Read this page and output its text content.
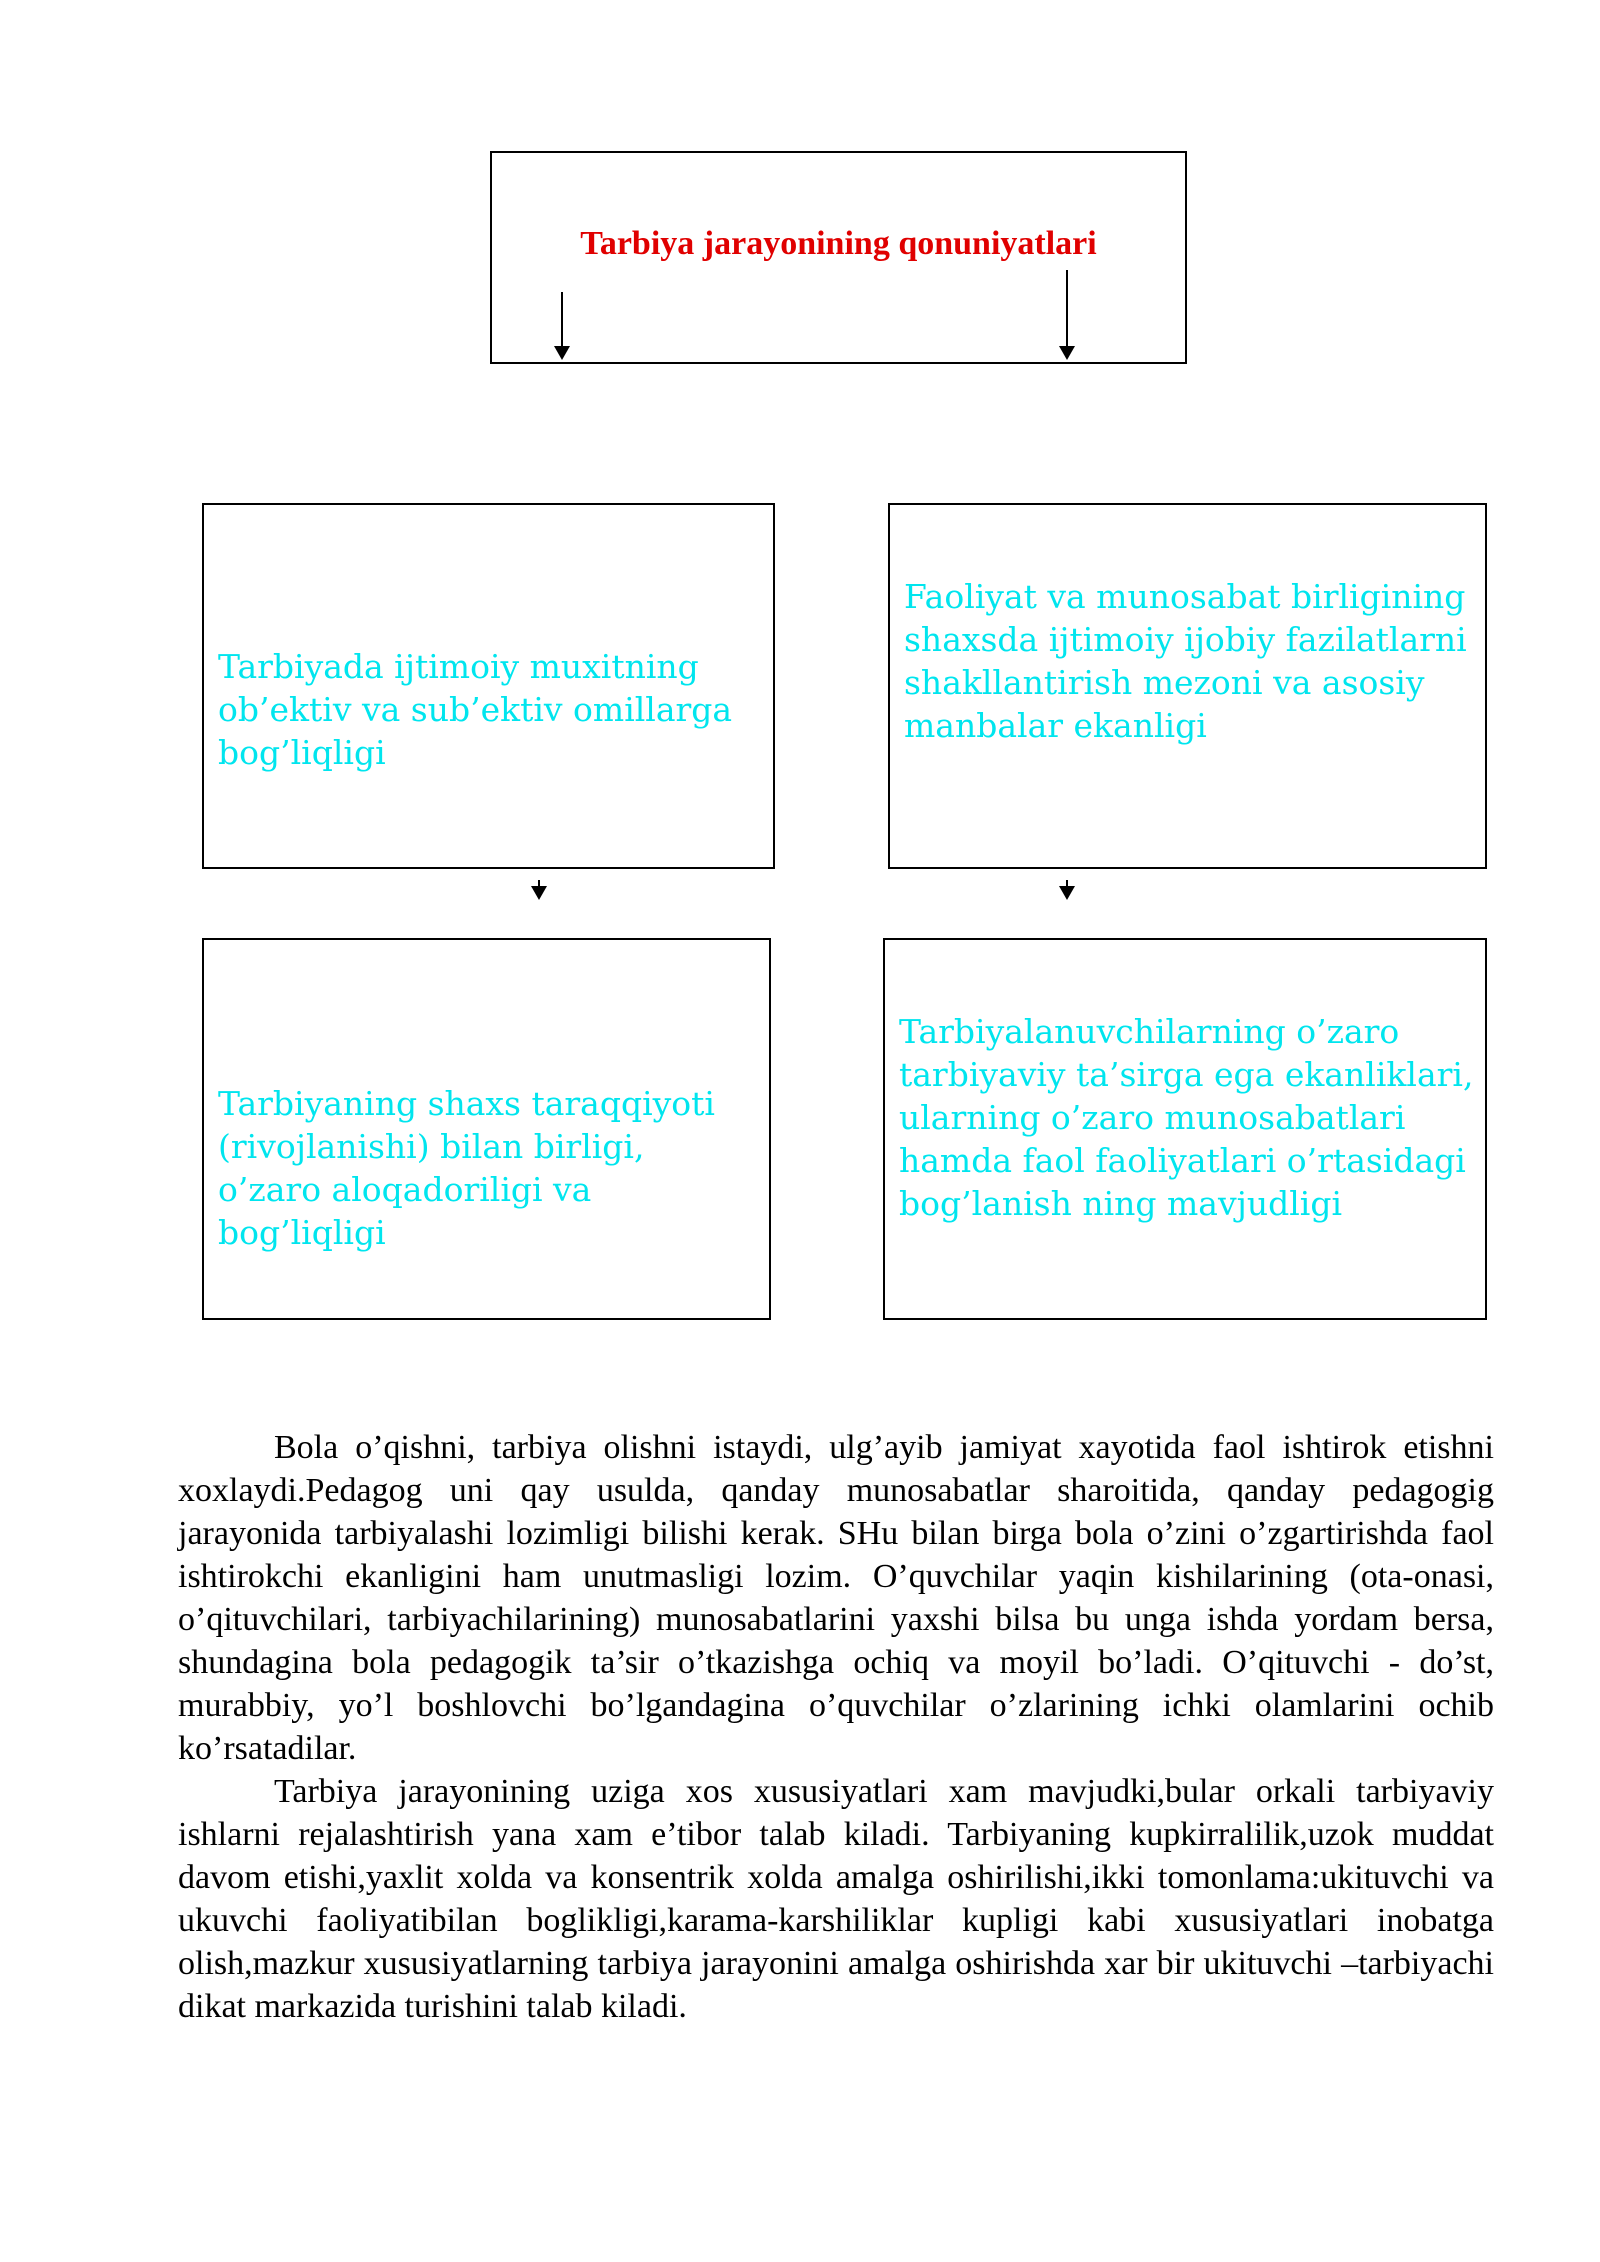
Tarbiya jarayonining qonuniyatlari
Tarbiyada ijtimoiy muxitning ob’ektiv va sub’ektiv omillarga bog’liqligi
Faoliyat va munosabat birligining shaxsda ijtimoiy ijobiy fazilatlarni shakllantirish mezoni va asosiy manbalar ekanligi
Tarbiyaning shaxs taraqqiyoti (rivojlanishi) bilan birligi, o’zaro aloqadoriligi va bog’liqligi
Tarbiyalanuvchilarning o’zaro tarbiyaviy ta’sirga ega ekanliklari, ularning o’zaro munosabatlari hamda faol faoliyatlari o’rtasidagi bog’lanish ning mavjudligi

Bola o’qishni, tarbiya olishni istaydi, ulg’ayib jamiyat xayotida faol ishtirok etishni xoxlaydi.Pedagog uni qay usulda, qanday munosabatlar sharoitida, qanday pedagogig jarayonida tarbiyalashi lozimligi bilishi kerak. SHu bilan birga bola o’zini o’zgartirishda faol ishtirokchi ekanligini ham unutmasligi lozim. O’quvchilar yaqin kishilarining (ota-onasi, o’qituvchilari, tarbiyachilarining) munosabatlarini yaxshi bilsa bu unga ishda yordam bersa, shundagina bola pedagogik ta’sir o’tkazishga ochiq va moyil bo’ladi. O’qituvchi - do’st, murabbiy, yo’l boshlovchi bo’lgandagina o’quvchilar o’zlarining ichki olamlarini ochib ko’rsatadilar.

Tarbiya jarayonining uziga xos xususiyatlari xam mavjudki,bular orkali tarbiyaviy ishlarni rejalashtirish yana xam e’tibor talab kiladi. Tarbiyaning kupkirralilik,uzok muddat davom etishi,yaxlit xolda va konsentrik xolda amalga oshirilishi,ikki tomonlama:ukituvchi va ukuvchi faoliyatibilan boglikligi,karama-karshiliklar kupligi kabi xususiyatlari inobatga olish,mazkur xususiyatlarning tarbiya jarayonini amalga oshirishda xar bir ukituvchi –tarbiyachi dikat markazida turishini talab kiladi.
